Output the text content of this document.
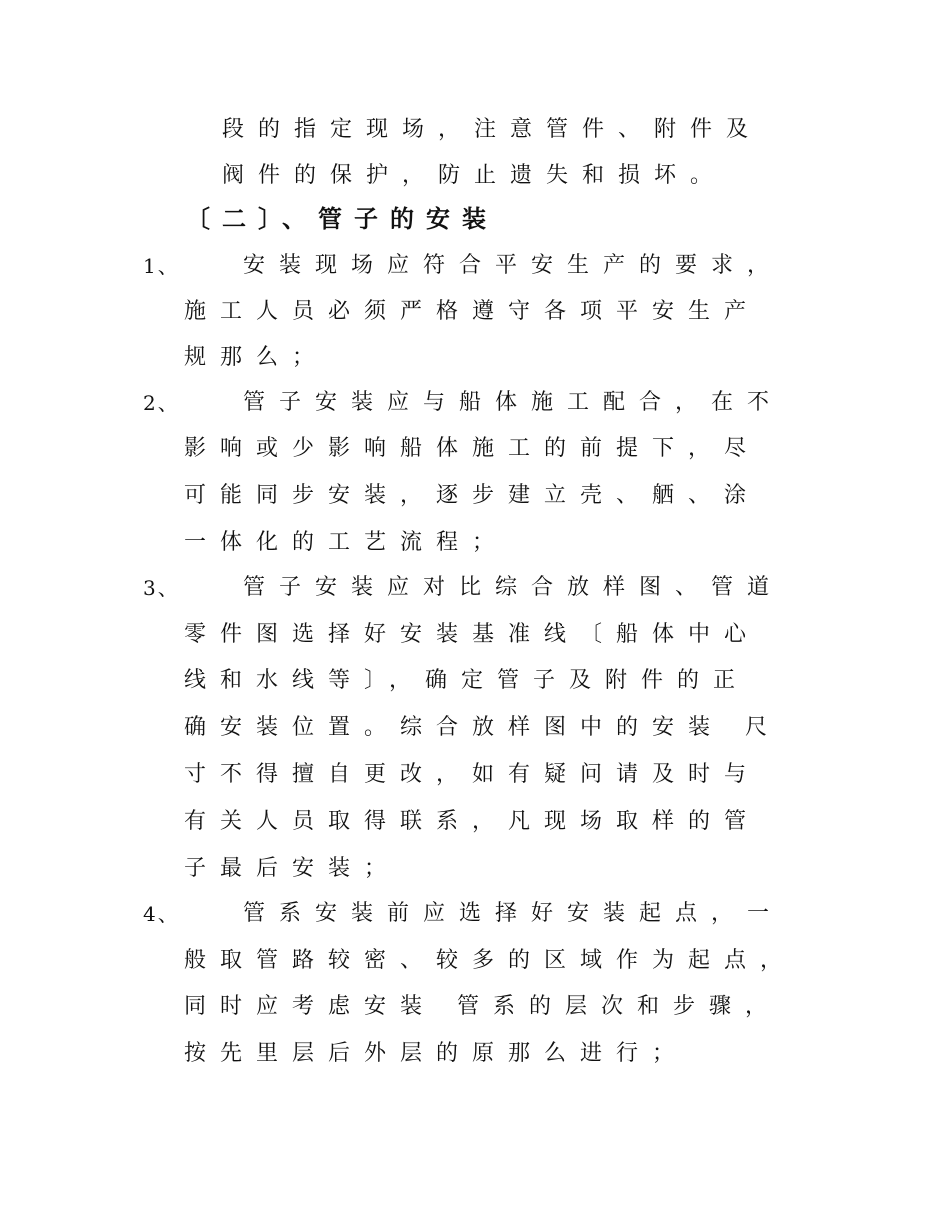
段的指定现场，注意管件、附件及
阀件的保护，防止遗失和损坏。
〔二〕、管子的安装
1、	安装现场应符合平安生产的要求，
施工人员必须严格遵守各项平安生产
规那么；
2、	管子安装应与船体施工配合，在不
影响或少影响船体施工的前提下，尽
可能同步安装，逐步建立壳、舾、涂
一体化的工艺流程；
3、	管子安装应对比综合放样图、管道
零件图选择好安装基准线〔船体中心
线和水线等〕，确定管子及附件的正
确安装位置。综合放样图中的安装 尺
寸不得擅自更改，如有疑问请及时与
有关人员取得联系，凡现场取样的管
子最后安装；
4、	管系安装前应选择好安装起点，一
般取管路较密、较多的区域作为起点，
同时应考虑安装 管系的层次和步骤，
按先里层后外层的原那么进行；
